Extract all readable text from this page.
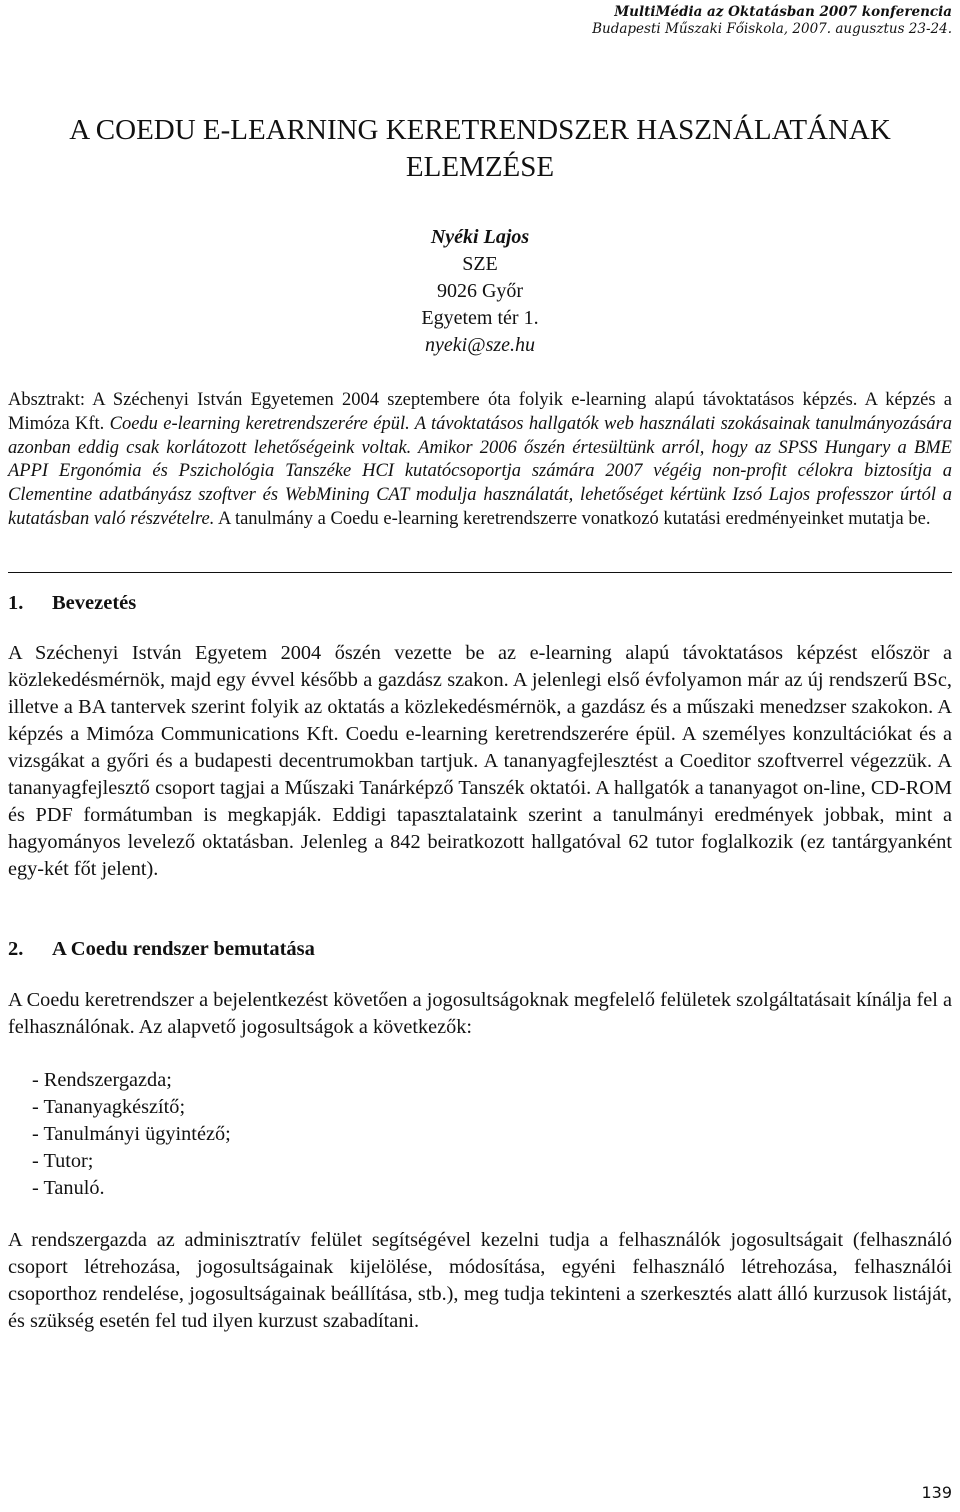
MultiMédia az Oktatásban 2007 konferencia
Budapesti Műszaki Főiskola, 2007. augusztus 23-24.
A COEDU E-LEARNING KERETRENDSZER HASZNÁLATÁNAK
ELEMZÉSE
Nyéki Lajos
SZE
9026 Győr
Egyetem tér 1.
nyeki@sze.hu
Absztrakt: A Széchenyi István Egyetemen 2004 szeptembere óta folyik e-learning alapú távoktatásos képzés. A képzés a Mimóza Kft. Coedu e-learning keretrendszerére épül. A távoktatásos hallgatók web használati szokásainak tanulmányozására azonban eddig csak korlátozott lehetőségeink voltak. Amikor 2006 őszén értesültünk arról, hogy az SPSS Hungary a BME APPI Ergonómia és Pszichológia Tanszéke HCI kutatócsoportja számára 2007 végéig non-profit célokra biztosítja a Clementine adatbányász szoftver és WebMining CAT modulja használatát, lehetőséget kértünk Izsó Lajos professzor úrtól a kutatásban való részvételre. A tanulmány a Coedu e-learning keretrendszerre vonatkozó kutatási eredményeinket mutatja be.
1. Bevezetés
A Széchenyi István Egyetem 2004 őszén vezette be az e-learning alapú távoktatásos képzést először a közlekedésmérnök, majd egy évvel később a gazdász szakon. A jelenlegi első évfolyamon már az új rendszerű BSc, illetve a BA tantervek szerint folyik az oktatás a közlekedésmérnök, a gazdász és a műszaki menedzser szakokon. A képzés a Mimóza Communications Kft. Coedu e-learning keretrendszerére épül. A személyes konzultációkat és a vizsgákat a győri és a budapesti decentrumokban tartjuk. A tananyagfejlesztést a Coeditor szoftverrel végezzük. A tananyagfejlesztő csoport tagjai a Műszaki Tanárképző Tanszék oktatói. A hallgatók a tananyagot on-line, CD-ROM és PDF formátumban is megkapják. Eddigi tapasztalataink szerint a tanulmányi eredmények jobbak, mint a hagyományos levelező oktatásban. Jelenleg a 842 beiratkozott hallgatóval 62 tutor foglalkozik (ez tantárgyanként egy-két főt jelent).
2. A Coedu rendszer bemutatása
A Coedu keretrendszer a bejelentkezést követően a jogosultságoknak megfelelő felületek szolgáltatásait kínálja fel a felhasználónak. Az alapvető jogosultságok a következők:
- Rendszergazda;
- Tananyagkészítő;
- Tanulmányi ügyintéző;
- Tutor;
- Tanuló.
A rendszergazda az adminisztratív felület segítségével kezelni tudja a felhasználók jogosultságait (felhasználó csoport létrehozása, jogosultságainak kijelölése, módosítása, egyéni felhasználó létrehozása, felhasználói csoporthoz rendelése, jogosultságainak beállítása, stb.), meg tudja tekinteni a szerkesztés alatt álló kurzusok listáját, és szükség esetén fel tud ilyen kurzust szabadítani.
139
